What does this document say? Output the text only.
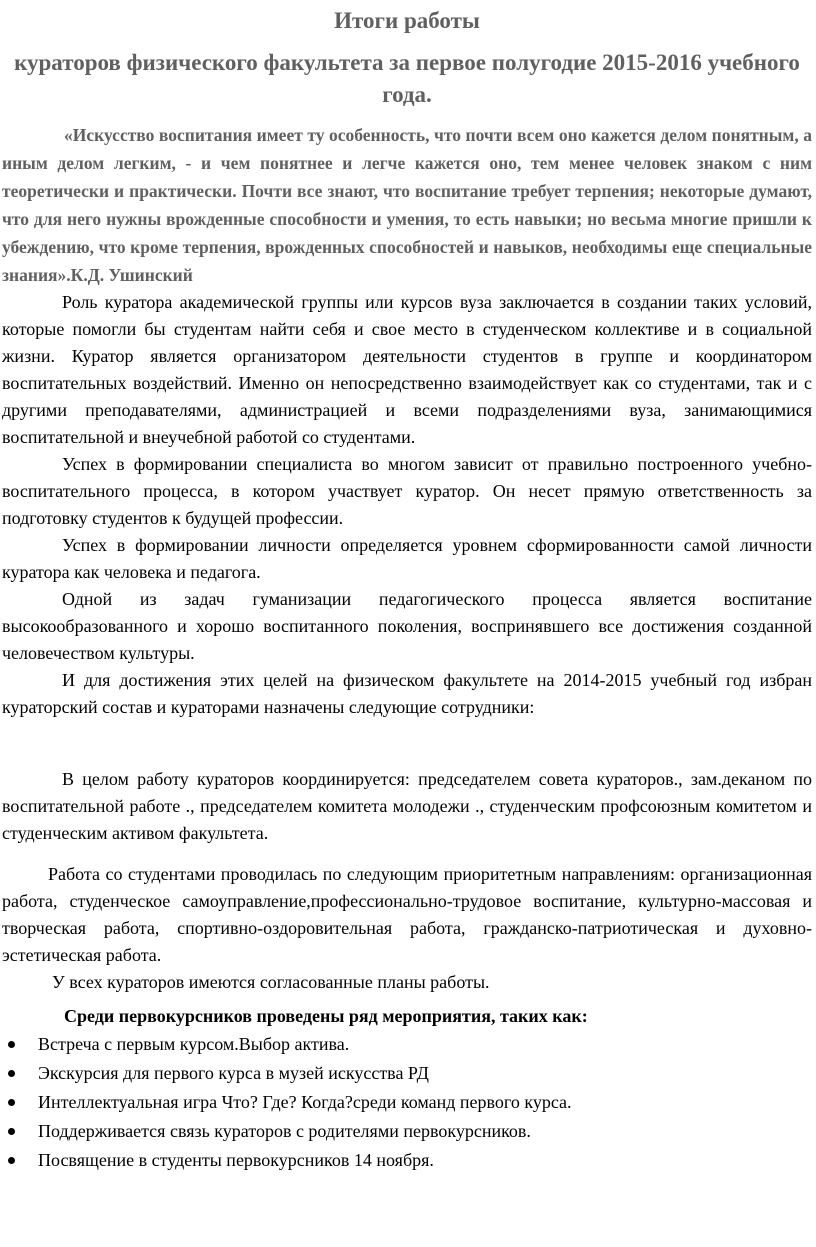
Итоги работы
кураторов физического факультета за первое полугодие 2015-2016 учебного года.

«Искусство воспитания имеет ту особенность, что почти всем оно кажется делом понятным, а иным делом легким, - и чем понятнее и легче кажется оно, тем менее человек знаком с ним теоретически и практически. Почти все знают, что воспитание требует терпения; некоторые думают, что для него нужны врожденные способности и умения, то есть навыки; но весьма многие пришли к убеждению, что кроме терпения, врожденных способностей и навыков, необходимы еще специальные знания».К.Д. Ушинский

Роль куратора академической группы или курсов вуза заключается в создании таких условий, которые помогли бы студентам найти себя и свое место в студенческом коллективе и в социальной жизни. Куратор является организатором деятельности студентов в группе и координатором воспитательных воздействий. Именно он непосредственно взаимодействует как со студентами, так и с другими преподавателями, администрацией и всеми подразделениями вуза, занимающимися воспитательной и внеучебной работой со студентами.

Успех в формировании специалиста во многом зависит от правильно построенного учебно-воспитательного процесса, в котором участвует куратор. Он несет прямую ответственность за подготовку студентов к будущей профессии.

Успех в формировании личности определяется уровнем сформированности самой личности куратора как человека и педагога.

Одной из задач гуманизации педагогического процесса является воспитание высокообразованного и хорошо воспитанного поколения, воспринявшего все достижения созданной человечеством культуры.

И для достижения этих целей на физическом факультете на 2014-2015 учебный год избран кураторский состав и кураторами назначены следующие сотрудники:

В целом работу кураторов координируется: председателем совета кураторов., зам.деканом по воспитательной работе ., председателем комитета молодежи ., студенческим профсоюзным комитетом и студенческим активом факультета.

Работа со студентами проводилась по следующим приоритетным направлениям: организационная работа, студенческое самоуправление,профессионально-трудовое воспитание, культурно-массовая и творческая работа, спортивно-оздоровительная работа, гражданско-патриотическая и духовно-эстетическая работа.

У всех кураторов имеются согласованные планы работы.

Среди первокурсников проведены ряд мероприятия, таких как:
Встреча с первым курсом.Выбор актива.
Экскурсия для первого курса в музей искусства РД
Интеллектуальная игра Что? Где? Когда?среди команд первого курса.
Поддерживается связь кураторов с родителями первокурсников.
Посвящение в студенты первокурсников 14 ноября.
